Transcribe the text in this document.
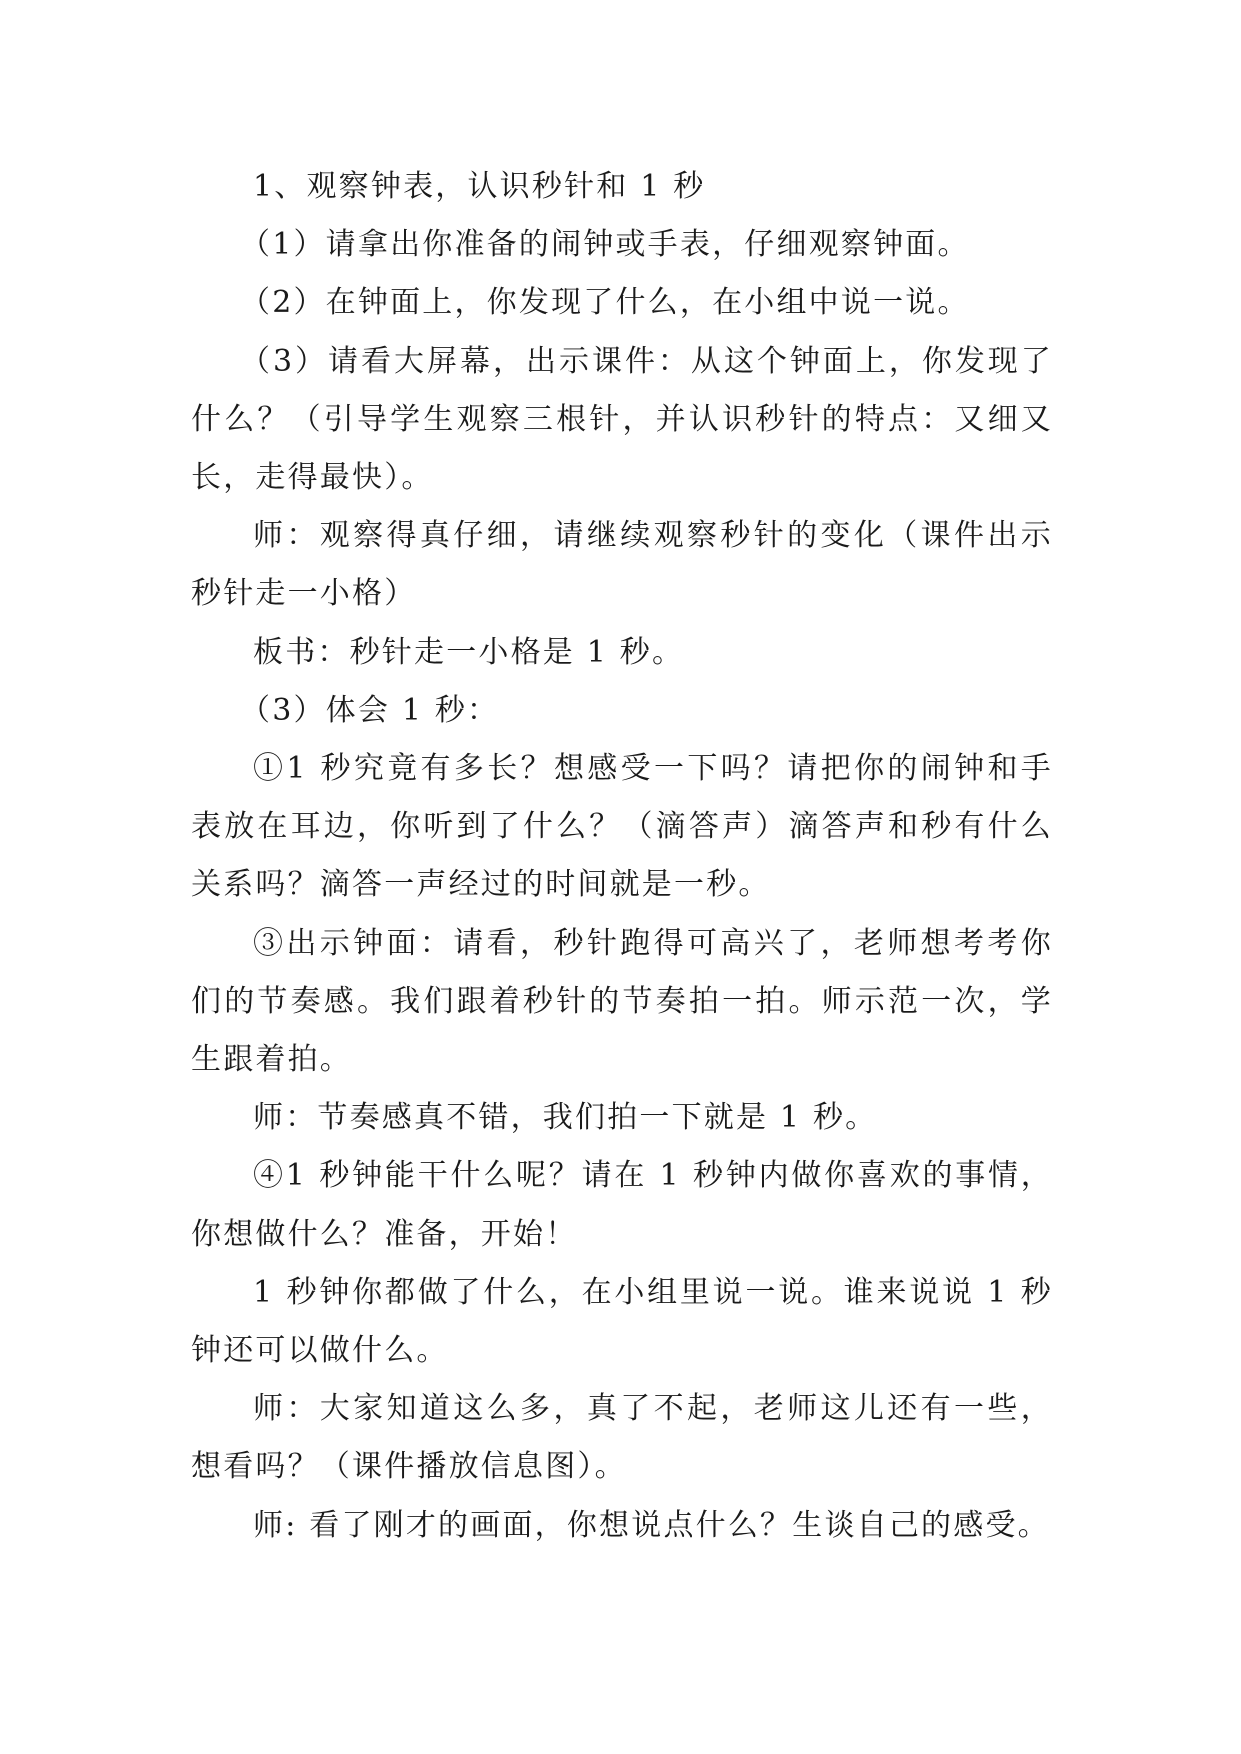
1、观察钟表，认识秒针和 1 秒

（1）请拿出你准备的闹钟或手表，仔细观察钟面。

（2）在钟面上，你发现了什么，在小组中说一说。

（3）请看大屏幕，出示课件：从这个钟面上，你发现了什么？（引导学生观察三根针，并认识秒针的特点：又细又长，走得最快）。

师：观察得真仔细，请继续观察秒针的变化（课件出示秒针走一小格）

板书：秒针走一小格是 1 秒。

（3）体会 1 秒：

①1 秒究竟有多长？想感受一下吗？请把你的闹钟和手表放在耳边，你听到了什么？（滴答声）滴答声和秒有什么关系吗？滴答一声经过的时间就是一秒。

③出示钟面：请看，秒针跑得可高兴了，老师想考考你们的节奏感。我们跟着秒针的节奏拍一拍。师示范一次，学生跟着拍。

师：节奏感真不错，我们拍一下就是 1 秒。

④1 秒钟能干什么呢？请在 1 秒钟内做你喜欢的事情，你想做什么？准备，开始！

1 秒钟你都做了什么，在小组里说一说。谁来说说 1 秒钟还可以做什么。

师：大家知道这么多，真了不起，老师这儿还有一些，想看吗？（课件播放信息图）。

师: 看了刚才的画面，你想说点什么？生谈自己的感受。
